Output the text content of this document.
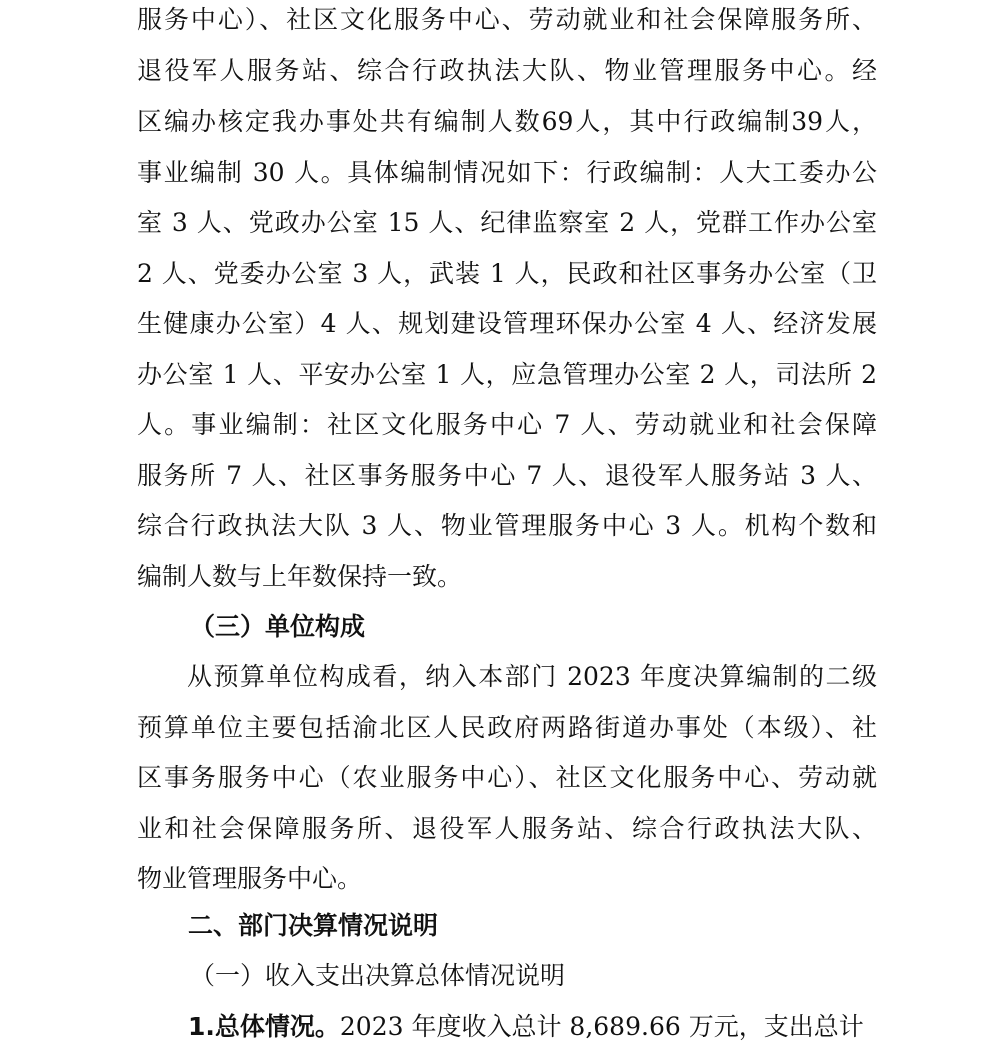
服务中心）、社区文化服务中心、劳动就业和社会保障服务所、
退役军人服务站、综合行政执法大队、物业管理服务中心。经
区编办核定我办事处共有编制人数69人，其中行政编制39人，
事业编制 30 人。具体编制情况如下：行政编制：人大工委办公
室 3 人、党政办公室 15 人、纪律监察室 2 人，党群工作办公室
2 人、党委办公室 3 人，武装 1 人，民政和社区事务办公室（卫
生健康办公室）4 人、规划建设管理环保办公室 4 人、经济发展
办公室 1 人、平安办公室 1 人，应急管理办公室 2 人，司法所 2
人。事业编制：社区文化服务中心 7 人、劳动就业和社会保障
服务所 7 人、社区事务服务中心 7 人、退役军人服务站 3 人、
综合行政执法大队 3 人、物业管理服务中心 3 人。机构个数和
编制人数与上年数保持一致。
（三）单位构成
从预算单位构成看，纳入本部门 2023 年度决算编制的二级
预算单位主要包括渝北区人民政府两路街道办事处（本级）、社
区事务服务中心（农业服务中心）、社区文化服务中心、劳动就
业和社会保障服务所、退役军人服务站、综合行政执法大队、
物业管理服务中心。
二、部门决算情况说明
（一）收入支出决算总体情况说明
1.总体情况。2023 年度收入总计 8,689.66 万元，支出总计
